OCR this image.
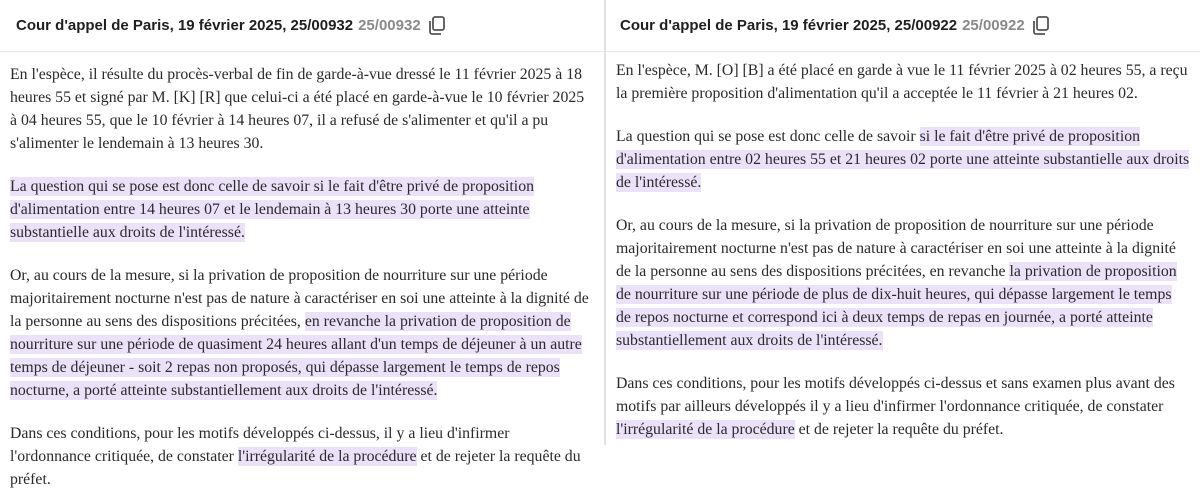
Cour d'appel de Paris, 19 février 2025, 25/00932 25/00932

En l'espèce, il résulte du procès-verbal de fin de garde-à-vue dressé le 11 février 2025 à 18 heures 55 et signé par M. [K] [R] que celui-ci a été placé en garde-à-vue le 10 février 2025 à 04 heures 55, que le 10 février à 14 heures 07, il a refusé de s'alimenter et qu'il a pu s'alimenter le lendemain à 13 heures 30.

La question qui se pose est donc celle de savoir si le fait d'être privé de proposition d'alimentation entre 14 heures 07 et le lendemain à 13 heures 30 porte une atteinte substantielle aux droits de l'intéressé.

Or, au cours de la mesure, si la privation de proposition de nourriture sur une période majoritairement nocturne n'est pas de nature à caractériser en soi une atteinte à la dignité de la personne au sens des dispositions précitées, en revanche la privation de proposition de nourriture sur une période de quasiment 24 heures allant d'un temps de déjeuner à un autre temps de déjeuner - soit 2 repas non proposés, qui dépasse largement le temps de repos nocturne, a porté atteinte substantiellement aux droits de l'intéressé.

Dans ces conditions, pour les motifs développés ci-dessus, il y a lieu d'infirmer l'ordonnance critiquée, de constater l'irrégularité de la procédure et de rejeter la requête du préfet.

Cour d'appel de Paris, 19 février 2025, 25/00922 25/00922

En l'espèce, M. [O] [B] a été placé en garde à vue le 11 février 2025 à 02 heures 55, a reçu la première proposition d'alimentation qu'il a acceptée le 11 février à 21 heures 02.

La question qui se pose est donc celle de savoir si le fait d'être privé de proposition d'alimentation entre 02 heures 55 et 21 heures 02 porte une atteinte substantielle aux droits de l'intéressé.

Or, au cours de la mesure, si la privation de proposition de nourriture sur une période majoritairement nocturne n'est pas de nature à caractériser en soi une atteinte à la dignité de la personne au sens des dispositions précitées, en revanche la privation de proposition de nourriture sur une période de plus de dix-huit heures, qui dépasse largement le temps de repos nocturne et correspond ici à deux temps de repas en journée, a porté atteinte substantiellement aux droits de l'intéressé.

Dans ces conditions, pour les motifs développés ci-dessus et sans examen plus avant des motifs par ailleurs développés il y a lieu d'infirmer l'ordonnance critiquée, de constater l'irrégularité de la procédure et de rejeter la requête du préfet.
